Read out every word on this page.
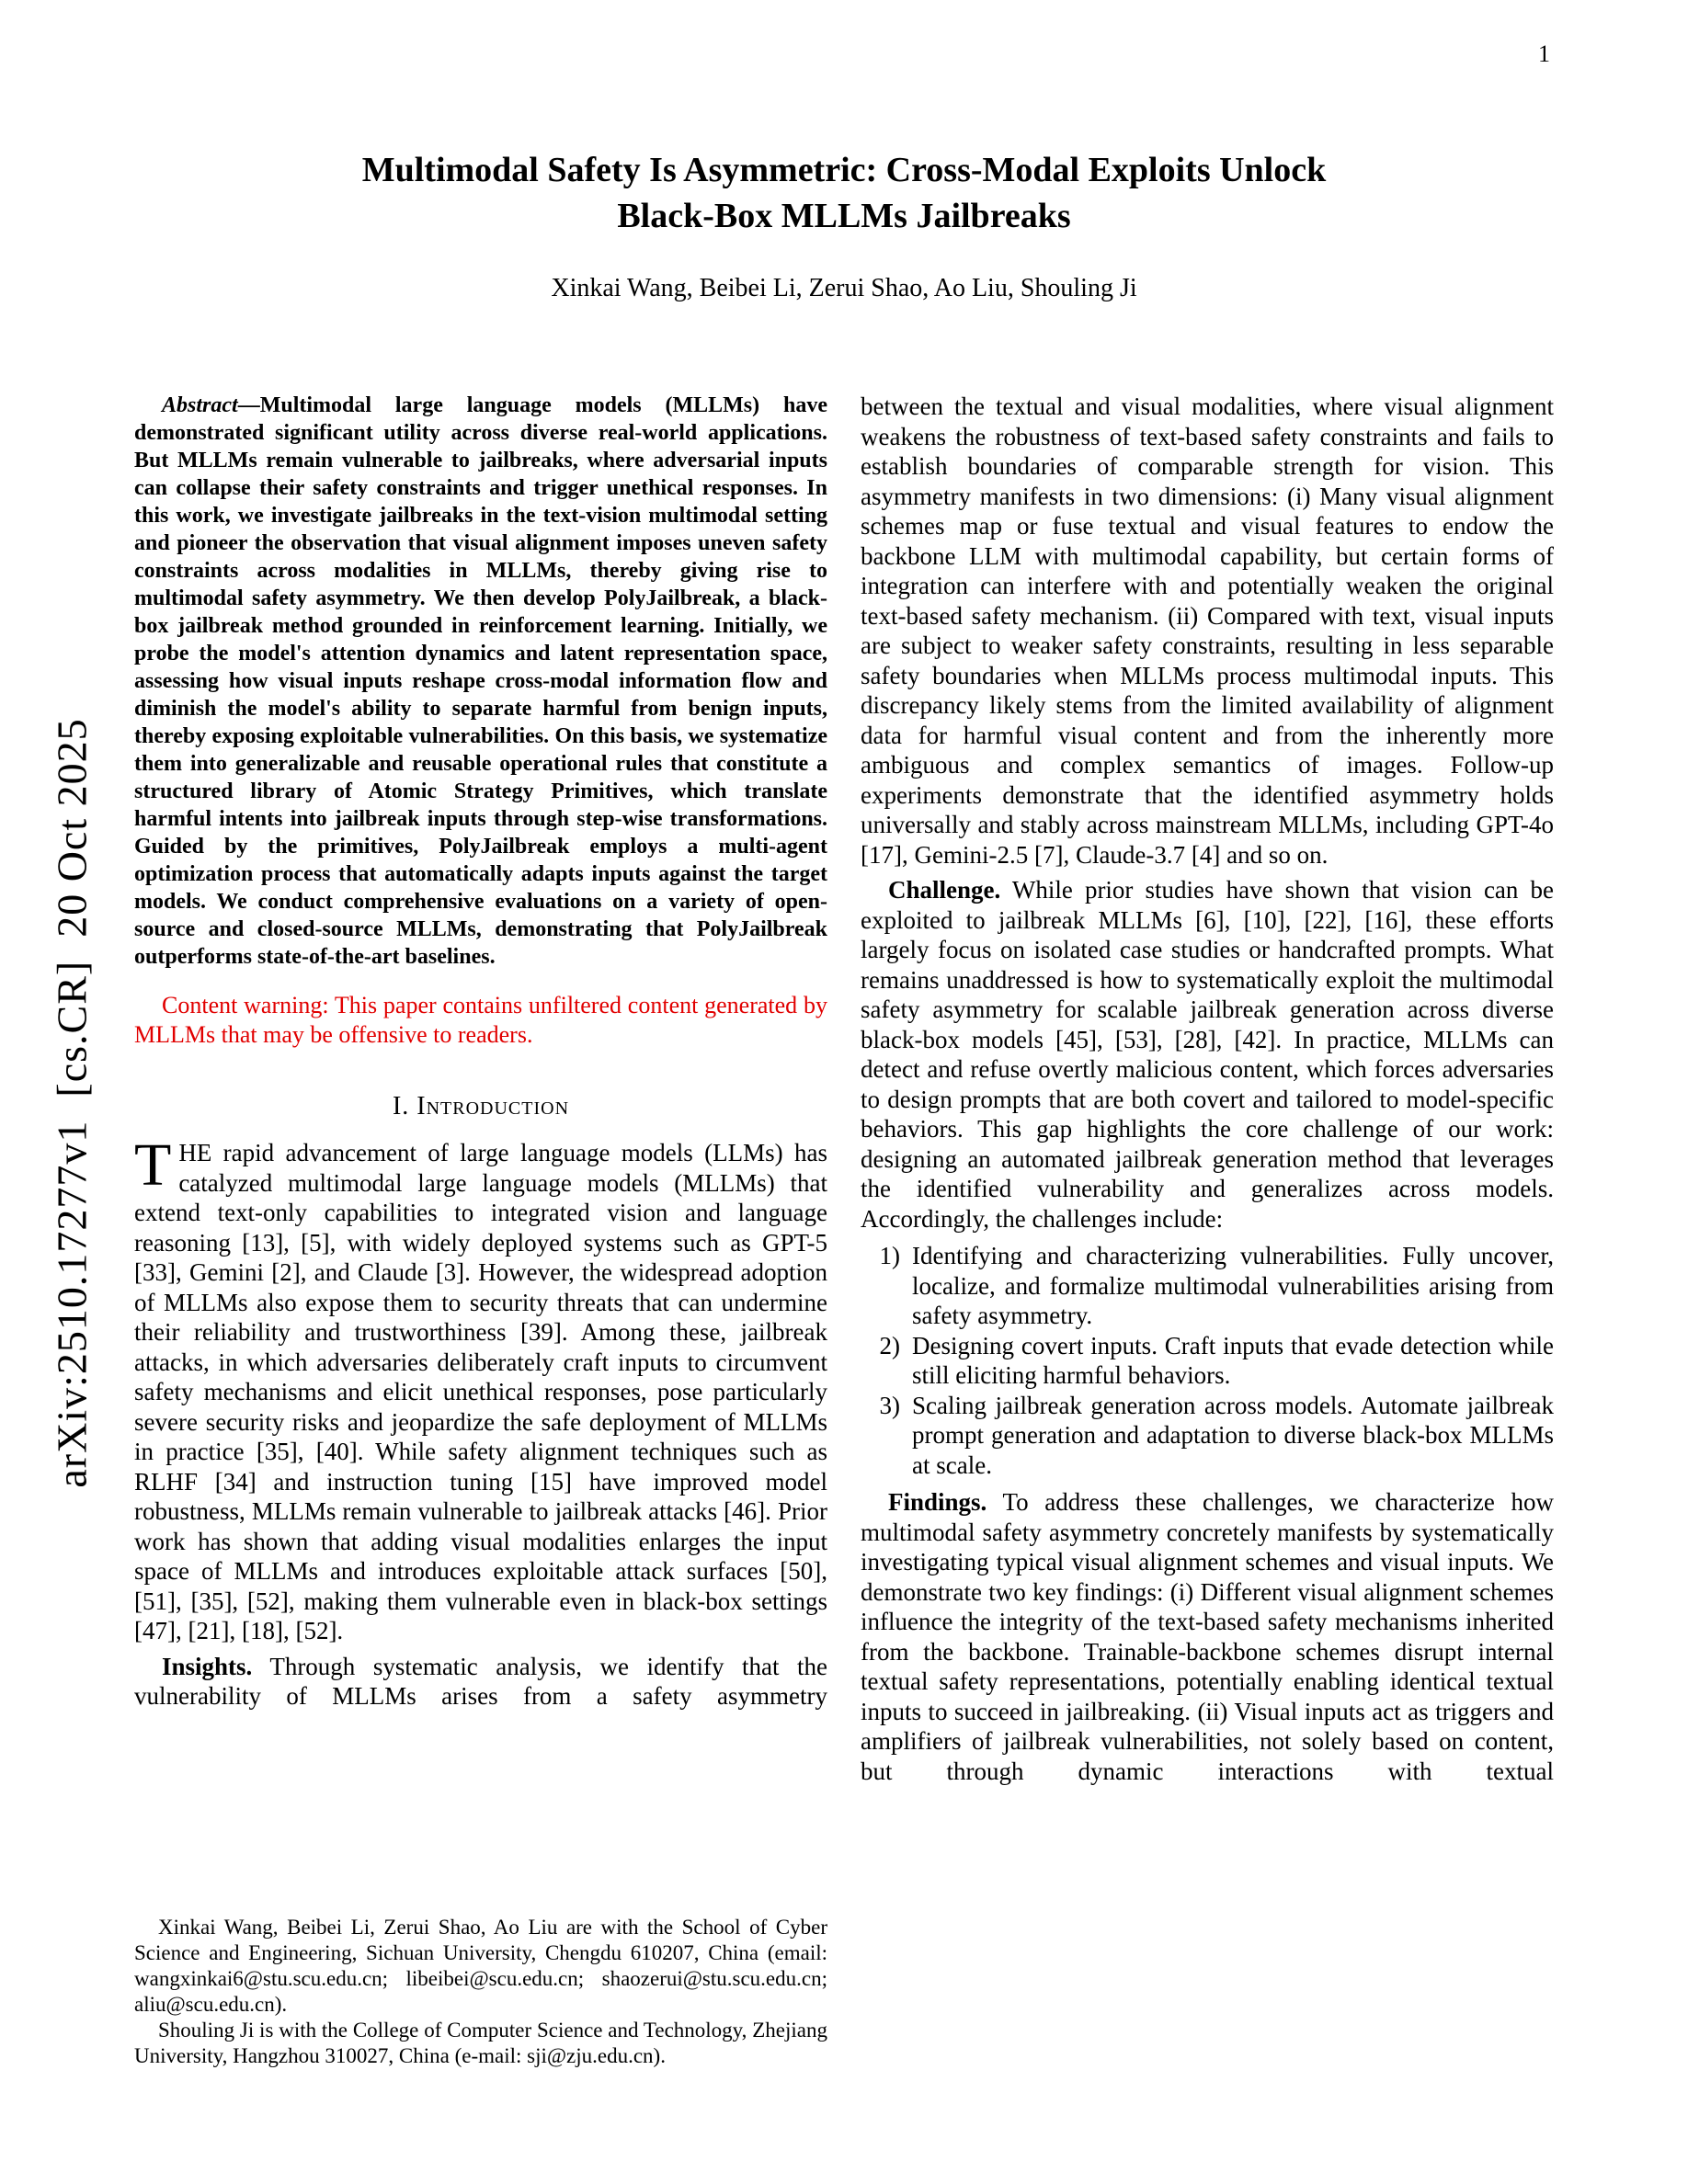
1
arXiv:2510.17277v1  [cs.CR]  20 Oct 2025
Multimodal Safety Is Asymmetric: Cross-Modal Exploits Unlock
Black-Box MLLMs Jailbreaks
Xinkai Wang, Beibei Li, Zerui Shao, Ao Liu, Shouling Ji

Abstract—Multimodal large language models (MLLMs) have demonstrated significant utility across diverse real-world applications. But MLLMs remain vulnerable to jailbreaks, where adversarial inputs can collapse their safety constraints and trigger unethical responses. In this work, we investigate jailbreaks in the text-vision multimodal setting and pioneer the observation that visual alignment imposes uneven safety constraints across modalities in MLLMs, thereby giving rise to multimodal safety asymmetry. We then develop PolyJailbreak, a black-box jailbreak method grounded in reinforcement learning. Initially, we probe the model's attention dynamics and latent representation space, assessing how visual inputs reshape cross-modal information flow and diminish the model's ability to separate harmful from benign inputs, thereby exposing exploitable vulnerabilities. On this basis, we systematize them into generalizable and reusable operational rules that constitute a structured library of Atomic Strategy Primitives, which translate harmful intents into jailbreak inputs through step-wise transformations. Guided by the primitives, PolyJailbreak employs a multi-agent optimization process that automatically adapts inputs against the target models. We conduct comprehensive evaluations on a variety of open-source and closed-source MLLMs, demonstrating that PolyJailbreak outperforms state-of-the-art baselines.

Content warning: This paper contains unfiltered content generated by MLLMs that may be offensive to readers.

I. Introduction

THE rapid advancement of large language models (LLMs) has catalyzed multimodal large language models (MLLMs) that extend text-only capabilities to integrated vision and language reasoning [13], [5], with widely deployed systems such as GPT-5 [33], Gemini [2], and Claude [3]. However, the widespread adoption of MLLMs also expose them to security threats that can undermine their reliability and trustworthiness [39]. Among these, jailbreak attacks, in which adversaries deliberately craft inputs to circumvent safety mechanisms and elicit unethical responses, pose particularly severe security risks and jeopardize the safe deployment of MLLMs in practice [35], [40]. While safety alignment techniques such as RLHF [34] and instruction tuning [15] have improved model robustness, MLLMs remain vulnerable to jailbreak attacks [46]. Prior work has shown that adding visual modalities enlarges the input space of MLLMs and introduces exploitable attack surfaces [50], [51], [35], [52], making them vulnerable even in black-box settings [47], [21], [18], [52].

Insights. Through systematic analysis, we identify that the vulnerability of MLLMs arises from a safety asymmetry

Xinkai Wang, Beibei Li, Zerui Shao, Ao Liu are with the School of Cyber Science and Engineering, Sichuan University, Chengdu 610207, China (email: wangxinkai6@stu.scu.edu.cn; libeibei@scu.edu.cn; shaozerui@stu.scu.edu.cn; aliu@scu.edu.cn).

Shouling Ji is with the College of Computer Science and Technology, Zhejiang University, Hangzhou 310027, China (e-mail: sji@zju.edu.cn).

between the textual and visual modalities, where visual alignment weakens the robustness of text-based safety constraints and fails to establish boundaries of comparable strength for vision. This asymmetry manifests in two dimensions: (i) Many visual alignment schemes map or fuse textual and visual features to endow the backbone LLM with multimodal capability, but certain forms of integration can interfere with and potentially weaken the original text-based safety mechanism. (ii) Compared with text, visual inputs are subject to weaker safety constraints, resulting in less separable safety boundaries when MLLMs process multimodal inputs. This discrepancy likely stems from the limited availability of alignment data for harmful visual content and from the inherently more ambiguous and complex semantics of images. Follow-up experiments demonstrate that the identified asymmetry holds universally and stably across mainstream MLLMs, including GPT-4o [17], Gemini-2.5 [7], Claude-3.7 [4] and so on.

Challenge. While prior studies have shown that vision can be exploited to jailbreak MLLMs [6], [10], [22], [16], these efforts largely focus on isolated case studies or handcrafted prompts. What remains unaddressed is how to systematically exploit the multimodal safety asymmetry for scalable jailbreak generation across diverse black-box models [45], [53], [28], [42]. In practice, MLLMs can detect and refuse overtly malicious content, which forces adversaries to design prompts that are both covert and tailored to model-specific behaviors. This gap highlights the core challenge of our work: designing an automated jailbreak generation method that leverages the identified vulnerability and generalizes across models. Accordingly, the challenges include:

1) Identifying and characterizing vulnerabilities. Fully uncover, localize, and formalize multimodal vulnerabilities arising from safety asymmetry.
2) Designing covert inputs. Craft inputs that evade detection while still eliciting harmful behaviors.
3) Scaling jailbreak generation across models. Automate jailbreak prompt generation and adaptation to diverse black-box MLLMs at scale.

Findings. To address these challenges, we characterize how multimodal safety asymmetry concretely manifests by systematically investigating typical visual alignment schemes and visual inputs. We demonstrate two key findings: (i) Different visual alignment schemes influence the integrity of the text-based safety mechanisms inherited from the backbone. Trainable-backbone schemes disrupt internal textual safety representations, potentially enabling identical textual inputs to succeed in jailbreaking. (ii) Visual inputs act as triggers and amplifiers of jailbreak vulnerabilities, not solely based on content, but through dynamic interactions with textual
